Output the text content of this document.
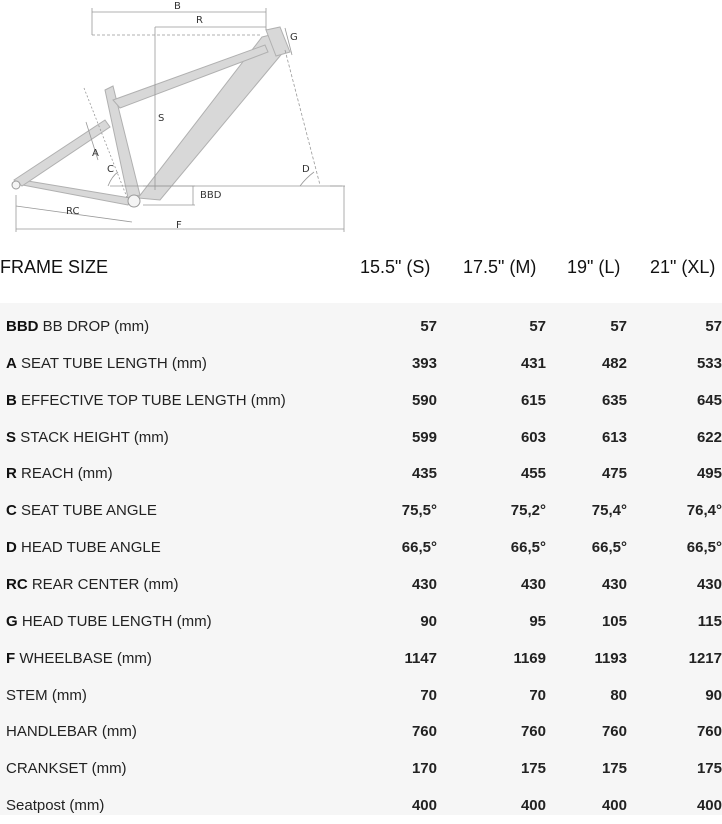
B
R
G
S
A
C	D
BBD
RC
F
FRAME SIZE	15.5" (S) 17.5" (M) 19" (L) 21" (XL)
BBD BB DROP (mm)	57	57	57	57
A SEAT TUBE LENGTH (mm)	393	431	482	533
B EFFECTIVE TOP TUBE LENGTH (mm)	590	615	635	645
S STACK HEIGHT (mm)	599	603	613	622
R REACH (mm)	435	455	475	495
C SEAT TUBE ANGLE	75,5°	75,2°	75,4°	76,4°
D HEAD TUBE ANGLE	66,5°	66,5°	66,5°	66,5°
RC REAR CENTER (mm)	430	430	430	430
G HEAD TUBE LENGTH (mm)	90	95	105	115
F WHEELBASE (mm)	1147	1169	1193	1217
STEM (mm)	70	70	80	90
HANDLEBAR (mm)	760	760	760	760
CRANKSET (mm)	170	175	175	175
Seatpost (mm)	400	400	400	400
